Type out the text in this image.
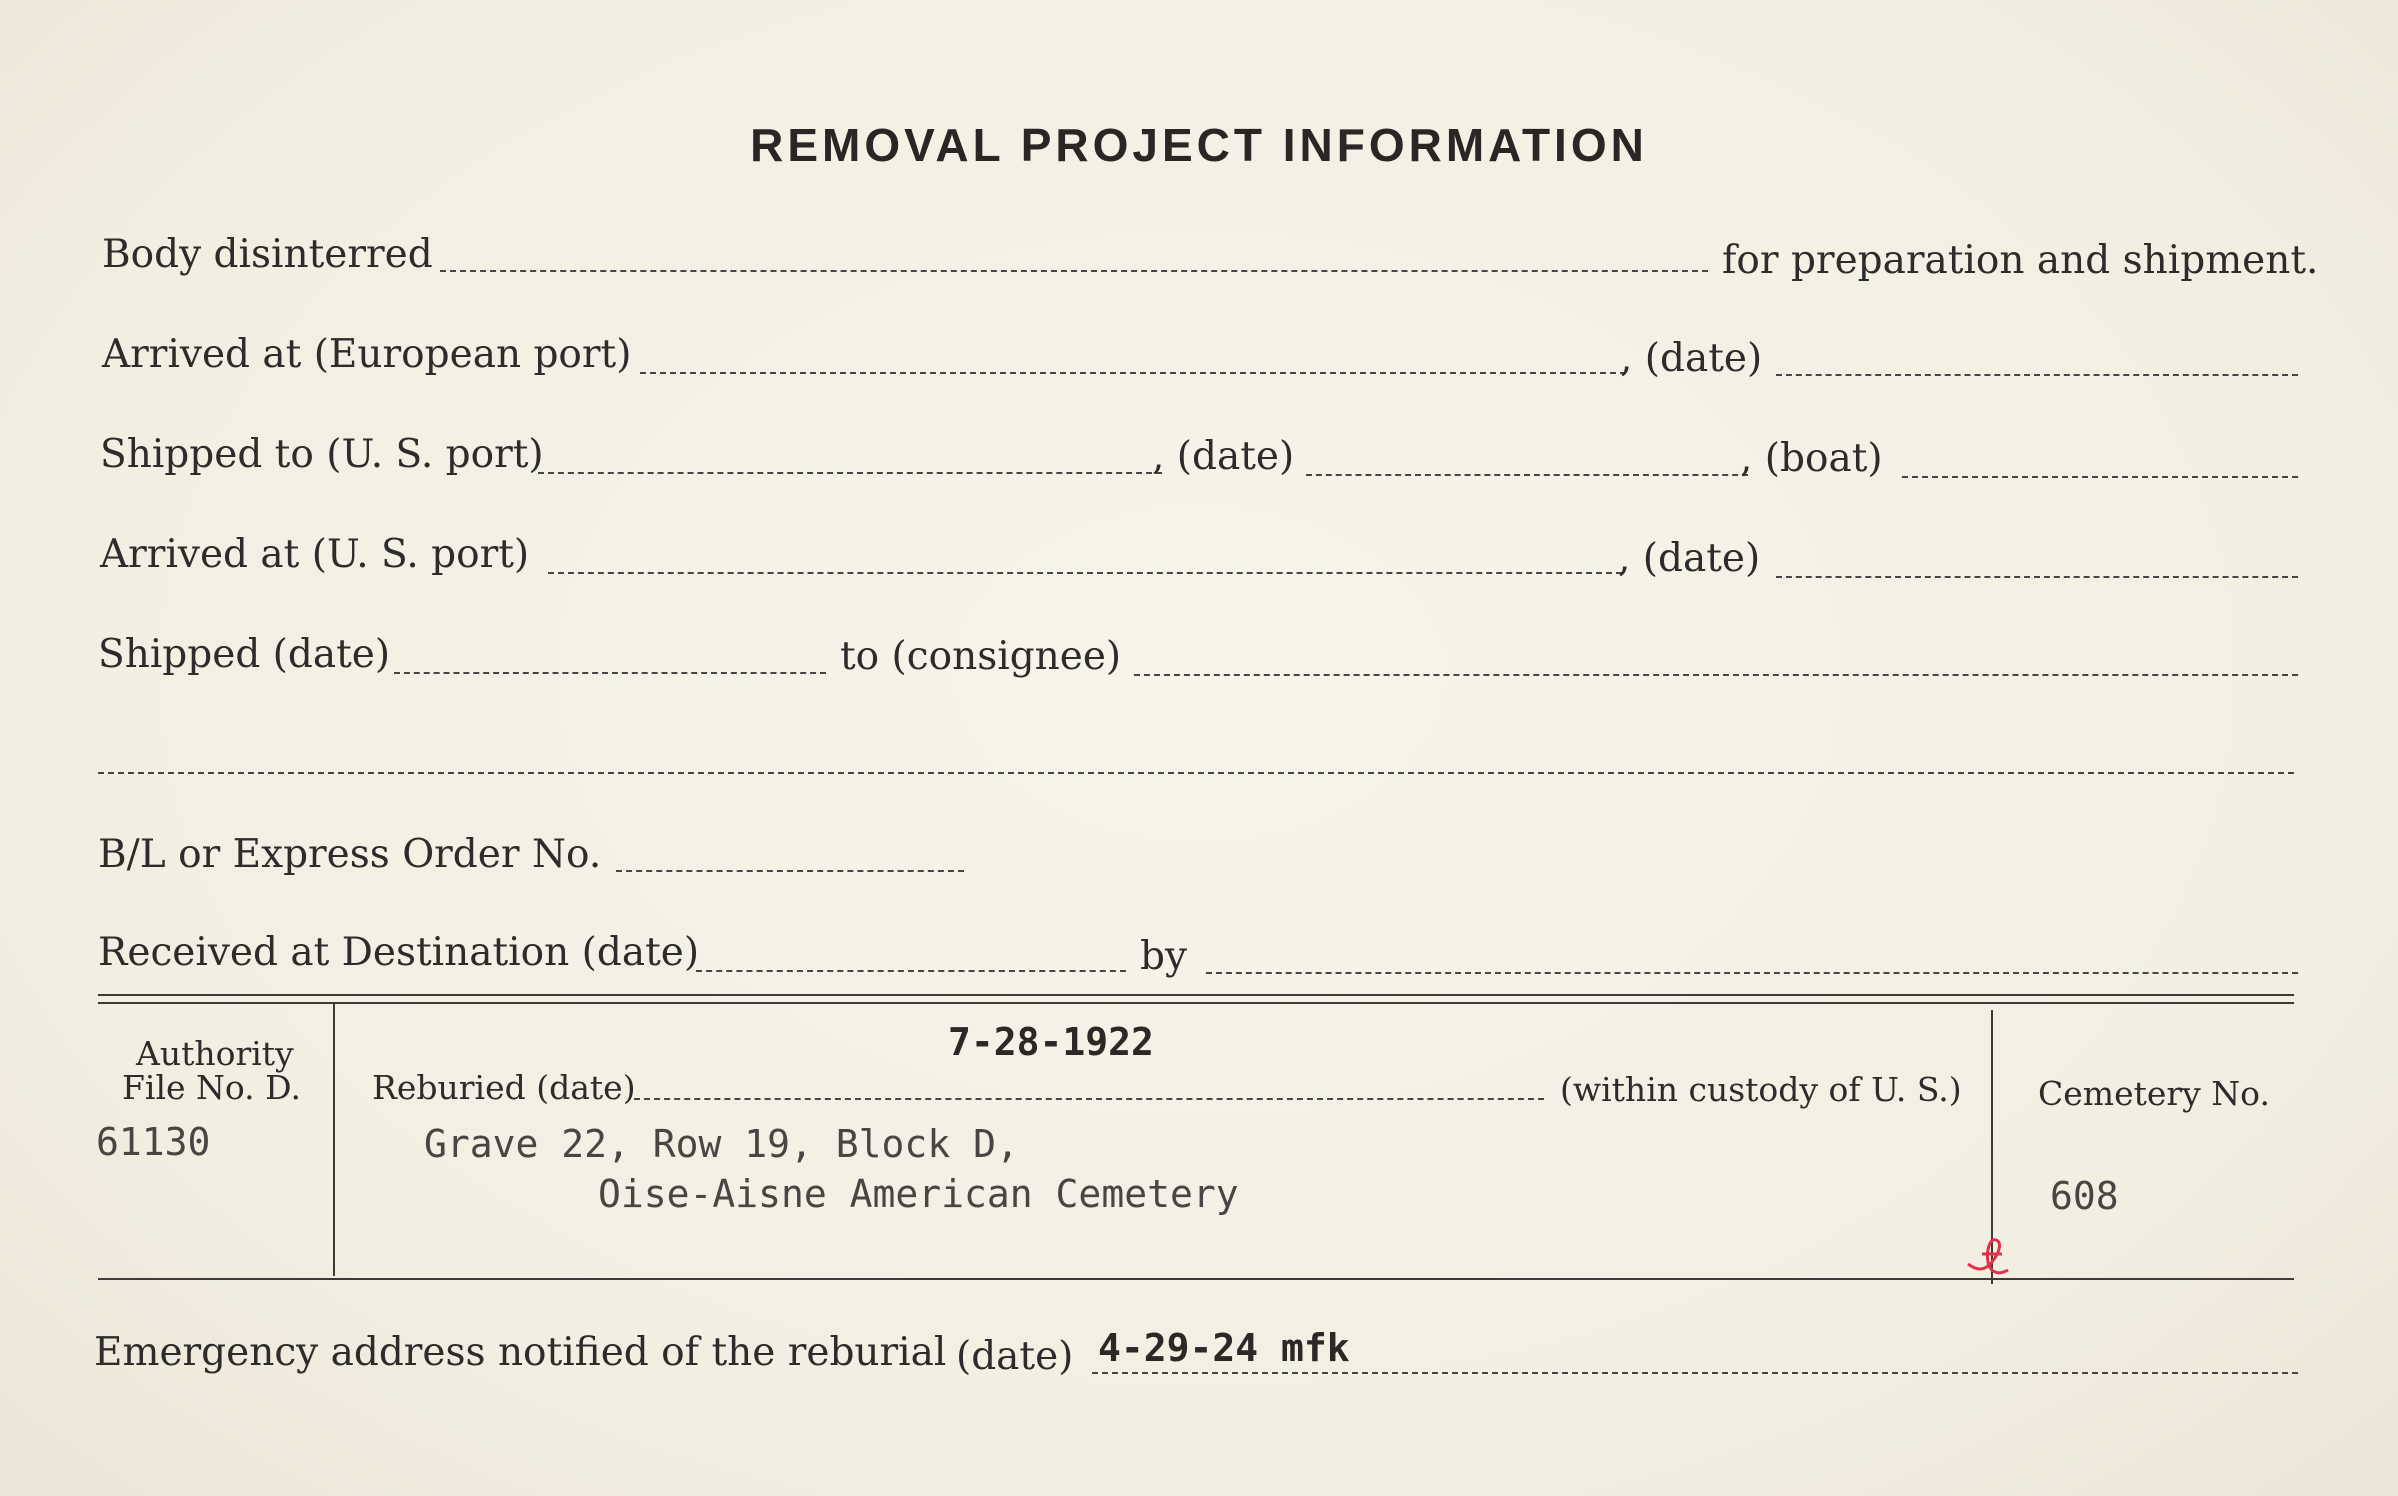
REMOVAL PROJECT INFORMATION
Body disinterred	for preparation and shipment.
Arrived at (European port)	, (date)
Shipped to (U. S. port)	, (date)	, (boat)
Arrived at (U. S. port)	, (date)
Shipped (date)	to (consignee)
B/L or Express Order No.
Received at Destination (date)	by
Authority
File No. D.
61130
7-28-1922
Reburied (date)	(within custody of U. S.)
Grave 22, Row 19, Block D,
Oise-Aisne American Cemetery
Cemetery No.
608
Emergency address notified of the reburial (date) 4-29-24 mfk
